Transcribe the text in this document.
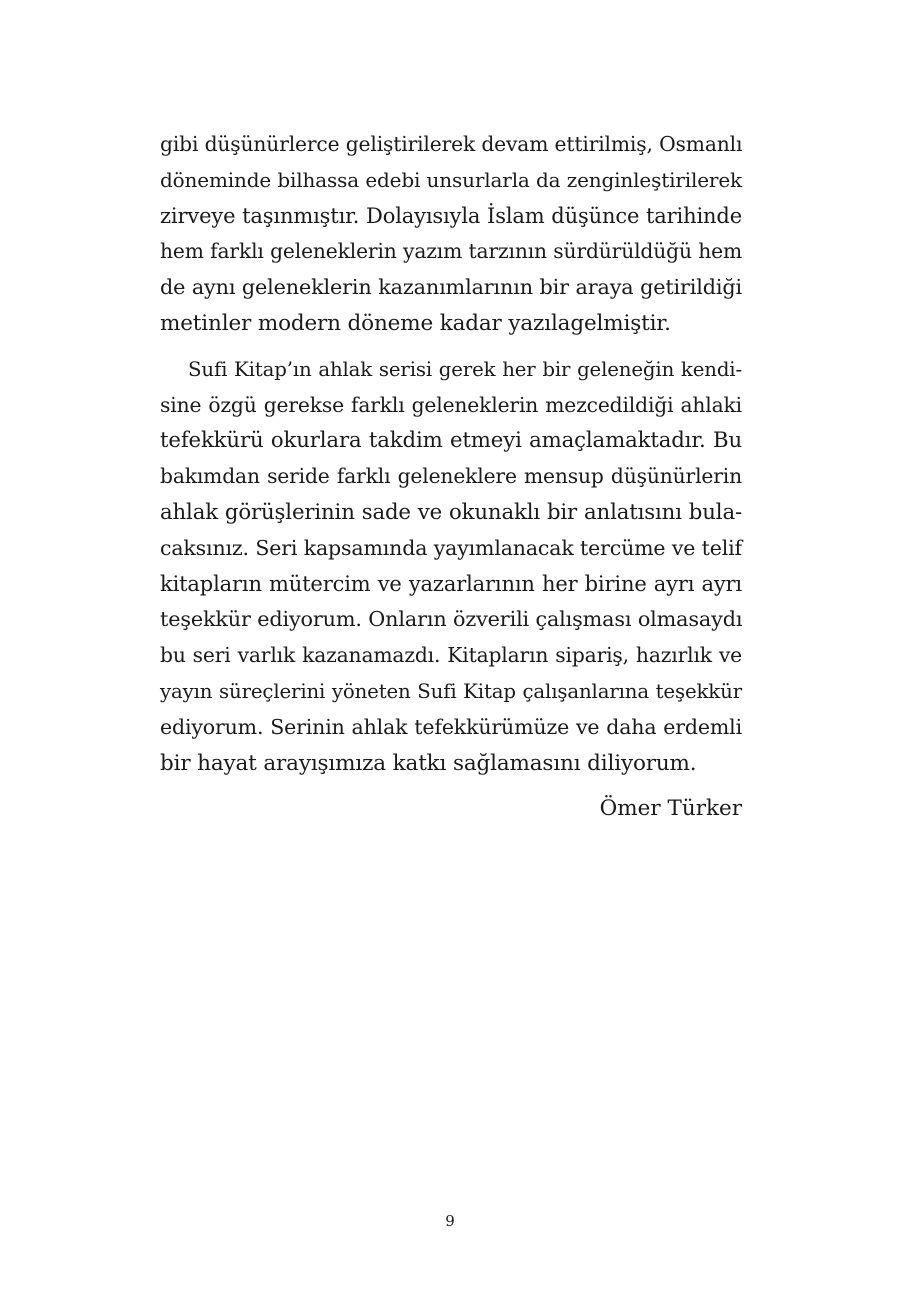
gibi düşünürlerce geliştirilerek devam ettirilmiş, Osmanlı
döneminde bilhassa edebi unsurlarla da zenginleştirilerek
zirveye taşınmıştır. Dolayısıyla İslam düşünce tarihinde
hem farklı geleneklerin yazım tarzının sürdürüldüğü hem
de aynı geleneklerin kazanımlarının bir araya getirildiği
metinler modern döneme kadar yazılagelmiştir.
Sufi Kitap’ın ahlak serisi gerek her bir geleneğin kendi-
sine özgü gerekse farklı geleneklerin mezcedildiği ahlaki
tefekkürü okurlara takdim etmeyi amaçlamaktadır. Bu
bakımdan seride farklı geleneklere mensup düşünürlerin
ahlak görüşlerinin sade ve okunaklı bir anlatısını bula-
caksınız. Seri kapsamında yayımlanacak tercüme ve telif
kitapların mütercim ve yazarlarının her birine ayrı ayrı
teşekkür ediyorum. Onların özverili çalışması olmasaydı
bu seri varlık kazanamazdı. Kitapların sipariş, hazırlık ve
yayın süreçlerini yöneten Sufi Kitap çalışanlarına teşekkür
ediyorum. Serinin ahlak tefekkürümüze ve daha erdemli
bir hayat arayışımıza katkı sağlamasını diliyorum.
Ömer Türker
9
